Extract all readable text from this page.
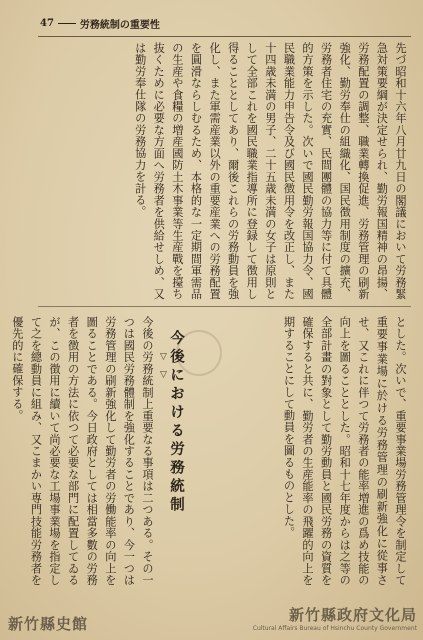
47	労務統制の重要性
先づ昭和十六年八月廿九日の閣議において労務緊急対策要綱が決定せられ、勤労報国精神の昂揚、労務配置の調整、職業轉換促進、労務管理の刷新強化、勤労奉仕の組織化、国民徴用制度の擴充、労務者住宅の充實、民間團體の協力等に付て具體的方策を示した。次いで國民勤労報国協力令、國民職業能力申告令及び國民徴用令を改正し、また十四歳未満の男子、二十五歳未満の女子は原則として全部これを國民職業指導所に登録して徴用し得ることとしてあり、爾後これらの労務動員を強化し、また軍需産業以外の重要産業への労務配置を圓滑ならしむるため、本格的な一定期間軍需品の生産や食糧の増産國防土木事業等生産戰を擡ち抜くために必要な方面へ労務者を供給せしめ、又は勤労奉仕隊の労務協力を計る。
とした。次いで、重要事業場労務管理令を制定して重要事業場に於ける労務管理の刷新強化に從事させ、又これに伴つて労務者の能率増進の爲め技能の向上を圖ることとした。昭和十七年度からは之等の全部計畫の對象として勤労動員と國民労務の資質を確保すると共に、勤労者の生産能率の飛躍的向上を期することにして動員を圖るものとした。
今後における労務統制
▽
▽
今後の労務統制上重要なる事項は二つある。その一つは國民労務體制を強化することであり、今一つは労務管理の刷新強化して勤労者の労働能率の向上を圖ることである。今日政府としては相當多數の労務者を徴用の方法に依つて必要な部門に配置してゐるが、この徴用に續いて尚必要な工場事業場を指定して之を總動員に組み、又こまかい専門技能労務者を優先的に確保する。
新竹縣史館	新竹縣政府文化局
Cultural Affairs Bureau of Hsinchu County Government
